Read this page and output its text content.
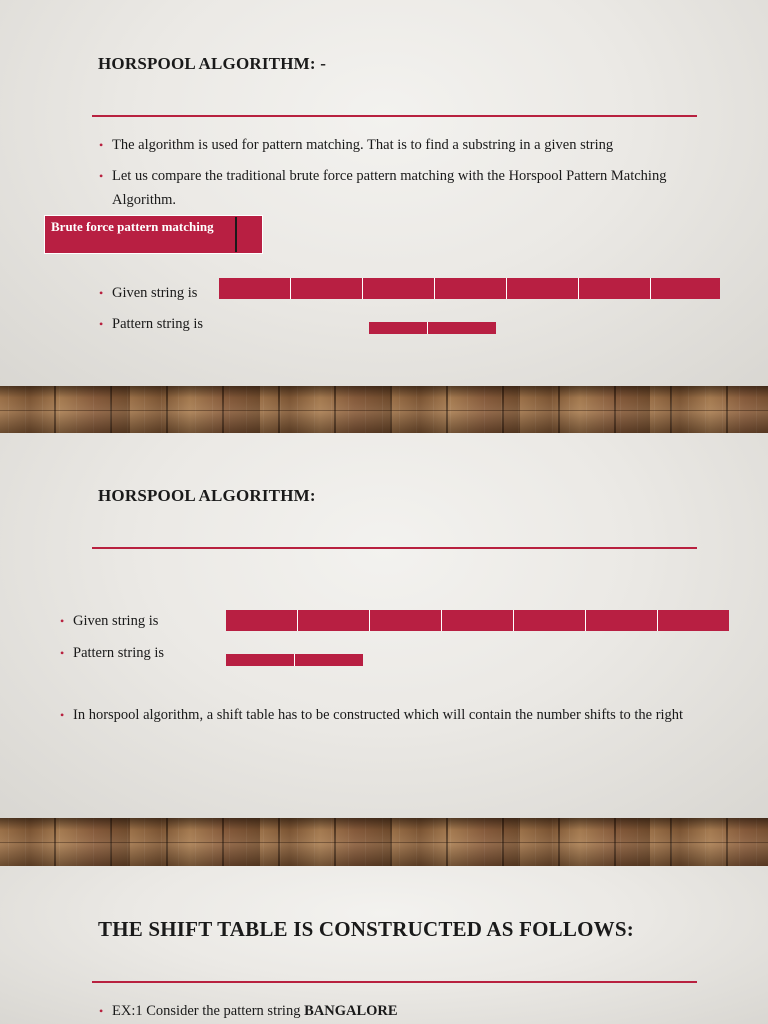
HORSPOOL ALGORITHM: -
• The algorithm is used for pattern matching. That is to find a substring in a given string
• Let us compare the traditional brute force pattern matching with the Horspool Pattern Matching Algorithm.
Brute force pattern matching
• Given string is
• Pattern string is
HORSPOOL ALGORITHM:
• Given string is
• Pattern string is
• In horspool algorithm, a shift table has to be constructed which will contain the number shifts to the right
THE SHIFT TABLE IS CONSTRUCTED AS FOLLOWS:
• EX:1 Consider the pattern string BANGALORE
